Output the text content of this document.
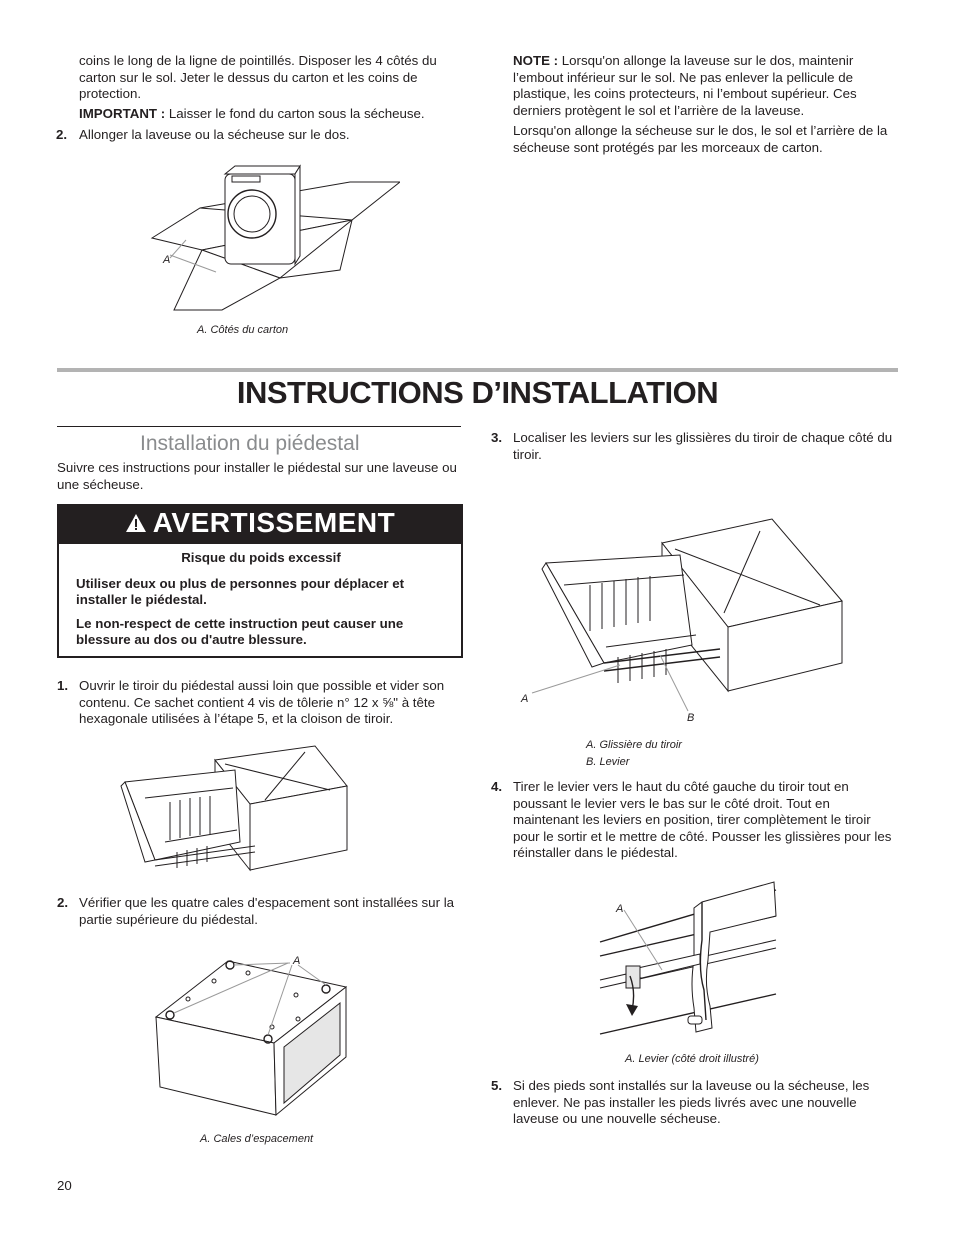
coins le long de la ligne de pointillés. Disposer les 4 côtés du carton sur le sol. Jeter le dessus du carton et les coins de protection.

IMPORTANT : Laisser le fond du carton sous la sécheuse.

2. Allonger la laveuse ou la sécheuse sur le dos.

A
A. Côtés du carton

NOTE : Lorsqu'on allonge la laveuse sur le dos, maintenir l’embout inférieur sur le sol. Ne pas enlever la pellicule de plastique, les coins protecteurs, ni l’embout supérieur. Ces derniers protègent le sol et l’arrière de la laveuse.

Lorsqu'on allonge la sécheuse sur le dos, le sol et l’arrière de la sécheuse sont protégés par les morceaux de carton.

INSTRUCTIONS D’INSTALLATION
Installation du piédestal

Suivre ces instructions pour installer le piédestal sur une laveuse ou une sécheuse.

AVERTISSEMENT

Risque du poids excessif

Utiliser deux ou plus de personnes pour déplacer et installer le piédestal.

Le non-respect de cette instruction peut causer une blessure au dos ou d'autre blessure.

1. Ouvrir le tiroir du piédestal aussi loin que possible et vider son contenu. Ce sachet contient 4 vis de tôlerie n° 12 x ⅝" à tête hexagonale utilisées à l’étape 5, et la cloison de tiroir.

2. Vérifier que les quatre cales d'espacement sont installées sur la partie supérieure du piédestal.

A
A. Cales d’espacement
3. Localiser les leviers sur les glissières du tiroir de chaque côté du tiroir.

A
B
A. Glissière du tiroir
B. Levier
4. Tirer le levier vers le haut du côté gauche du tiroir tout en poussant le levier vers le bas sur le côté droit. Tout en maintenant les leviers en position, tirer complètement le tiroir pour le sortir et le mettre de côté. Pousser les glissières pour les réinstaller dans le piédestal.

A
A. Levier (côté droit illustré)
5. Si des pieds sont installés sur la laveuse ou la sécheuse, les enlever. Ne pas installer les pieds livrés avec une nouvelle laveuse ou une nouvelle sécheuse.

20
